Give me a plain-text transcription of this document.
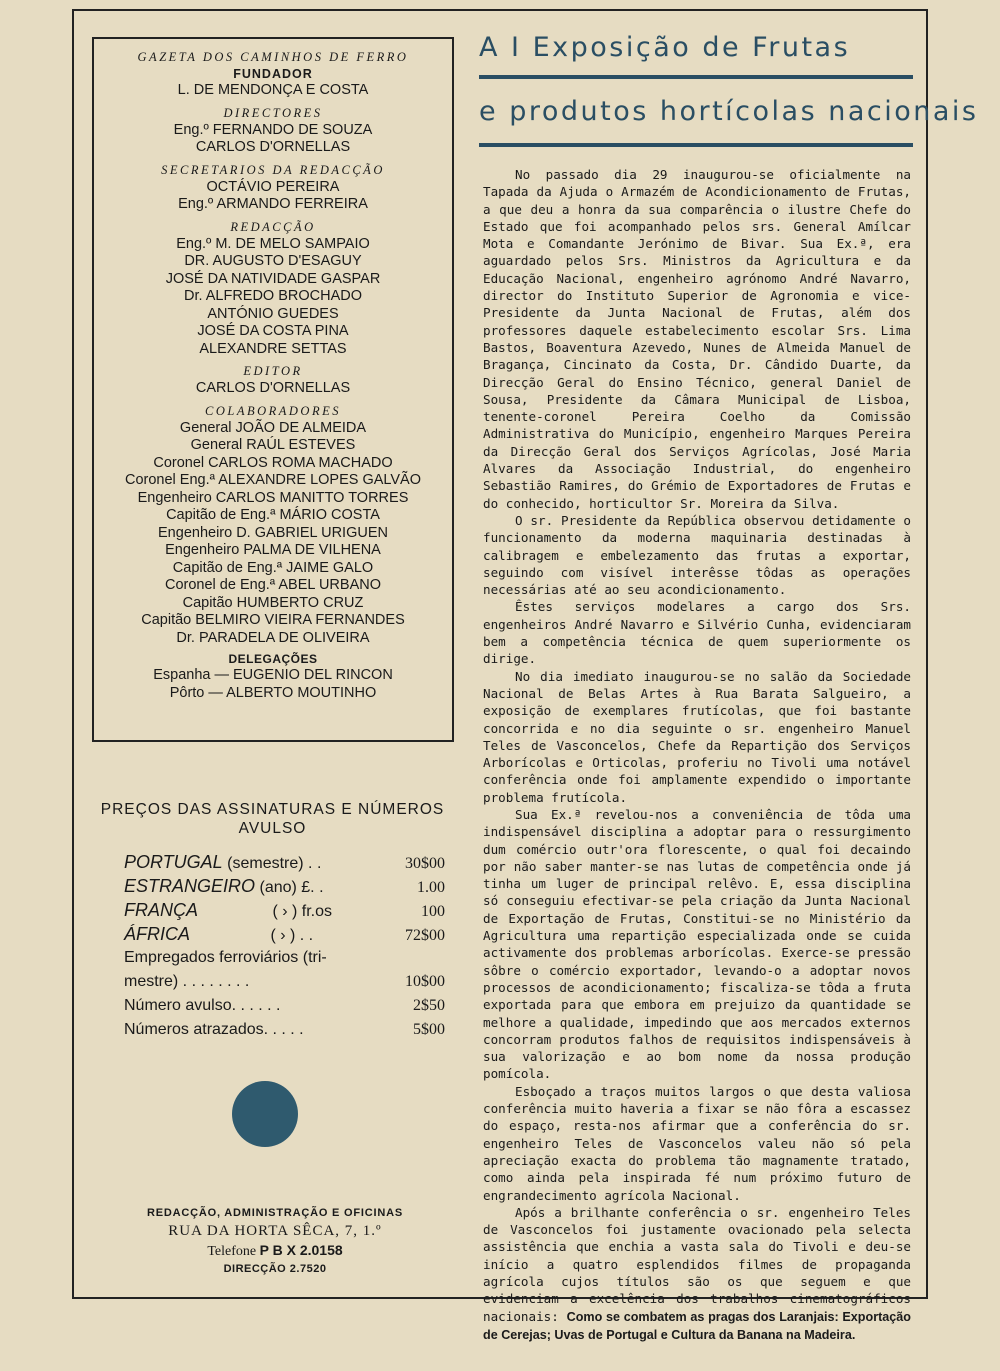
GAZETA DOS CAMINHOS DE FERRO
FUNDADOR
L. DE MENDONÇA E COSTA
DIRECTORES
Eng.º FERNANDO DE SOUZA
CARLOS D'ORNELLAS
SECRETARIOS DA REDACÇÃO
OCTÁVIO PEREIRA
Eng.º ARMANDO FERREIRA
REDACÇÃO
Eng.º M. DE MELO SAMPAIO
DR. AUGUSTO D'ESAGUY
JOSÉ DA NATIVIDADE GASPAR
Dr. ALFREDO BROCHADO
ANTÓNIO GUEDES
JOSÉ DA COSTA PINA
ALEXANDRE SETTAS
EDITOR
CARLOS D'ORNELLAS
COLABORADORES
General JOÃO DE ALMEIDA
General RAÚL ESTEVES
Coronel CARLOS ROMA MACHADO
Coronel Eng.ª ALEXANDRE LOPES GALVÃO
Engenheiro CARLOS MANITTO TORRES
Capitão de Eng.ª MÁRIO COSTA
Engenheiro D. GABRIEL URIGUEN
Engenheiro PALMA DE VILHENA
Capitão de Eng.ª JAIME GALO
Coronel de Eng.ª ABEL URBANO
Capitão HUMBERTO CRUZ
Capitão BELMIRO VIEIRA FERNANDES
Dr. PARADELA DE OLIVEIRA
DELEGAÇÕES
Espanha — EUGENIO DEL RINCON
Pôrto — ALBERTO MOUTINHO
PREÇOS DAS ASSINATURAS E NÚMEROS AVULSO
PORTUGAL (semestre) . .	30$00
ESTRANGEIRO (ano) £. .	1.00
FRANÇA	( › ) fr.os	100
ÁFRICA	( › ) . .	72$00
Empregados ferroviários (tri-
mestre) . . . . . . . .	10$00
Número avulso. . . . . .	2$50
Números atrazados. . . . .	5$00
REDACÇÃO, ADMINISTRAÇÃO E OFICINAS
RUA DA HORTA SÊCA, 7, 1.º
Telefone P B X 2.0158
DIRECÇÃO 2.7520
A I Exposição de Frutas
e produtos hortícolas nacionais

No passado dia 29 inaugurou-se oficialmente na Tapada da Ajuda o Armazém de Acondicionamento de Frutas, a que deu a honra da sua comparência o ilustre Chefe do Estado que foi acompanhado pelos srs. General Amílcar Mota e Comandante Jerónimo de Bivar. Sua Ex.ª, era aguardado pelos Srs. Ministros da Agricultura e da Educação Nacional, engenheiro agrónomo André Navarro, director do Instituto Superior de Agronomia e vice-Presidente da Junta Nacional de Frutas, além dos professores daquele estabelecimento escolar Srs. Lima Bastos, Boaventura Azevedo, Nunes de Almeida Manuel de Bragança, Cincinato da Costa, Dr. Cândido Duarte, da Direcção Geral do Ensino Técnico, general Daniel de Sousa, Presidente da Câmara Municipal de Lisboa, tenente-coronel Pereira Coelho da Comissão Administrativa do Município, engenheiro Marques Pereira da Direcção Geral dos Serviços Agrícolas, José Maria Alvares da Associação Industrial, do engenheiro Sebastião Ramires, do Grémio de Exportadores de Frutas e do conhecido, horticultor Sr. Moreira da Silva.

O sr. Presidente da República observou detidamente o funcionamento da moderna maquinaria destinadas à calibragem e embelezamento das frutas a exportar, seguindo com visível interêsse tôdas as operações necessárias até ao seu acondicionamento.

Êstes serviços modelares a cargo dos Srs. engenheiros André Navarro e Silvério Cunha, evidenciaram bem a competência técnica de quem superiormente os dirige.

No dia imediato inaugurou-se no salão da Sociedade Nacional de Belas Artes à Rua Barata Salgueiro, a exposição de exemplares frutícolas, que foi bastante concorrida e no dia seguinte o sr. engenheiro Manuel Teles de Vasconcelos, Chefe da Repartição dos Serviços Arborícolas e Orticolas, proferiu no Tivoli uma notável conferência onde foi amplamente expendido o importante problema frutícola.

Sua Ex.ª revelou-nos a conveniência de tôda uma indispensável disciplina a adoptar para o ressurgimento dum comércio outr'ora florescente, o qual foi decaindo por não saber manter-se nas lutas de competência onde já tinha um luger de principal relêvo. E, essa disciplina só conseguiu efectivar-se pela criação da Junta Nacional de Exportação de Frutas, Constitui-se no Ministério da Agricultura uma repartição especializada onde se cuida activamente dos problemas arborícolas. Exerce-se pressão sôbre o comércio exportador, levando-o a adoptar novos processos de acondicionamento; fiscaliza-se tôda a fruta exportada para que embora em prejuizo da quantidade se melhore a qualidade, impedindo que aos mercados externos concorram produtos falhos de requisitos indispensáveis à sua valorização e ao bom nome da nossa produção pomícola.

Esboçado a traços muitos largos o que desta valiosa conferência muito haveria a fixar se não fôra a escassez do espaço, resta-nos afirmar que a conferência do sr. engenheiro Teles de Vasconcelos valeu não só pela apreciação exacta do problema tão magnamente tratado, como ainda pela inspirada fé num próximo futuro de engrandecimento agrícola Nacional.

Após a brilhante conferência o sr. engenheiro Teles de Vasconcelos foi justamente ovacionado pela selecta assistência que enchia a vasta sala do Tivoli e deu-se início a quatro esplendidos filmes de propaganda agrícola cujos títulos são os que seguem e que evidenciam a excelência dos trabalhos cinematográficos nacionais: Como se combatem as pragas dos Laranjais: Exportação de Cerejas; Uvas de Portugal e Cultura da Banana na Madeira.
